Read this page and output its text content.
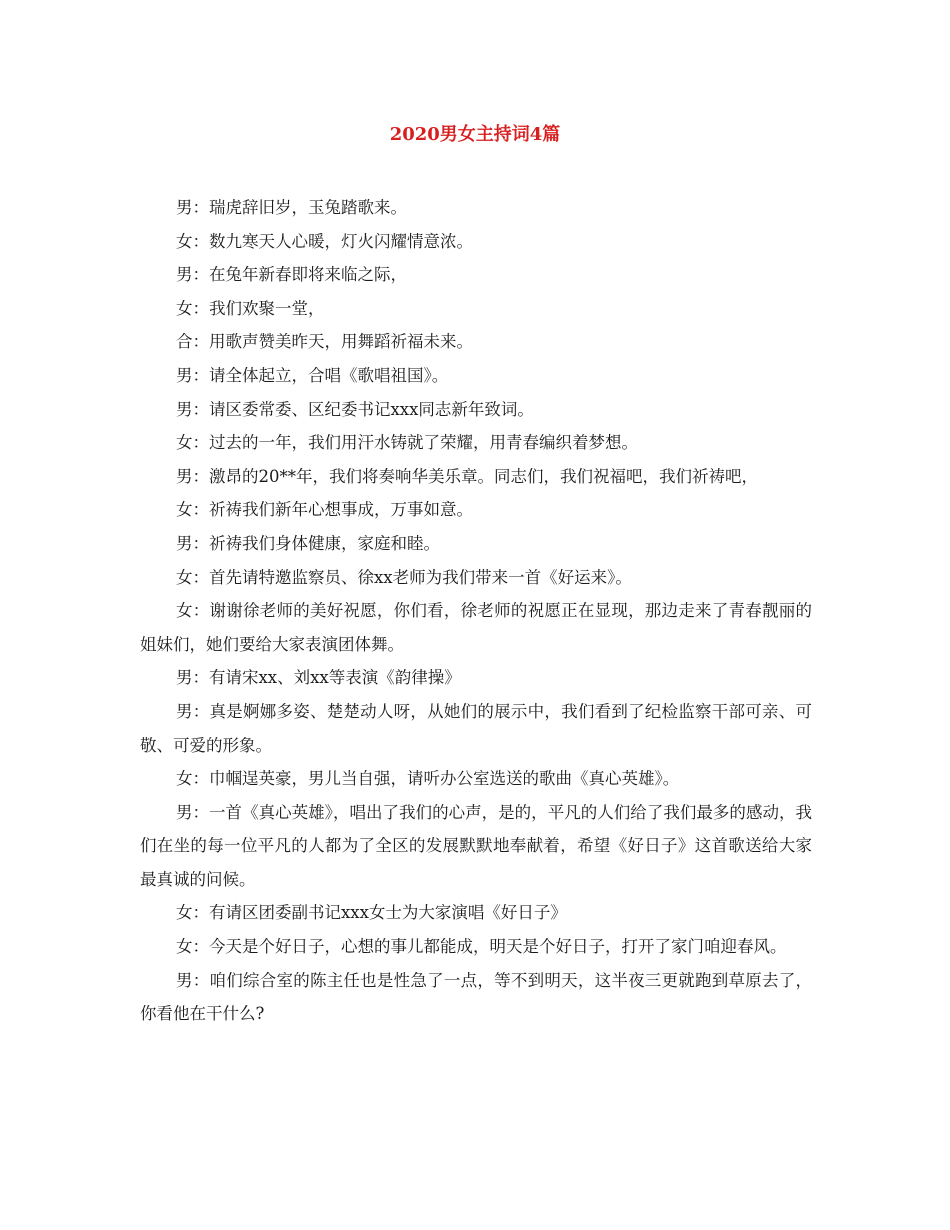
2020男女主持词4篇

男：瑞虎辞旧岁，玉兔踏歌来。

女：数九寒天人心暖，灯火闪耀情意浓。

男：在兔年新春即将来临之际，

女：我们欢聚一堂，

合：用歌声赞美昨天，用舞蹈祈福未来。

男：请全体起立，合唱《歌唱祖国》。

男：请区委常委、区纪委书记xxx同志新年致词。

女：过去的一年，我们用汗水铸就了荣耀，用青春编织着梦想。

男：激昂的20**年，我们将奏响华美乐章。同志们，我们祝福吧，我们祈祷吧，

女：祈祷我们新年心想事成，万事如意。

男：祈祷我们身体健康，家庭和睦。

女：首先请特邀监察员、徐xx老师为我们带来一首《好运来》。

女：谢谢徐老师的美好祝愿，你们看，徐老师的祝愿正在显现，那边走来了青春靓丽的姐妹们，她们要给大家表演团体舞。

男：有请宋xx、刘xx等表演《韵律操》

男：真是婀娜多姿、楚楚动人呀，从她们的展示中，我们看到了纪检监察干部可亲、可敬、可爱的形象。

女：巾帼逞英豪，男儿当自强，请听办公室选送的歌曲《真心英雄》。

男：一首《真心英雄》，唱出了我们的心声，是的，平凡的人们给了我们最多的感动，我们在坐的每一位平凡的人都为了全区的发展默默地奉献着，希望《好日子》这首歌送给大家最真诚的问候。

女：有请区团委副书记xxx女士为大家演唱《好日子》

女：今天是个好日子，心想的事儿都能成，明天是个好日子，打开了家门咱迎春风。

男：咱们综合室的陈主任也是性急了一点，等不到明天，这半夜三更就跑到草原去了，你看他在干什么?
